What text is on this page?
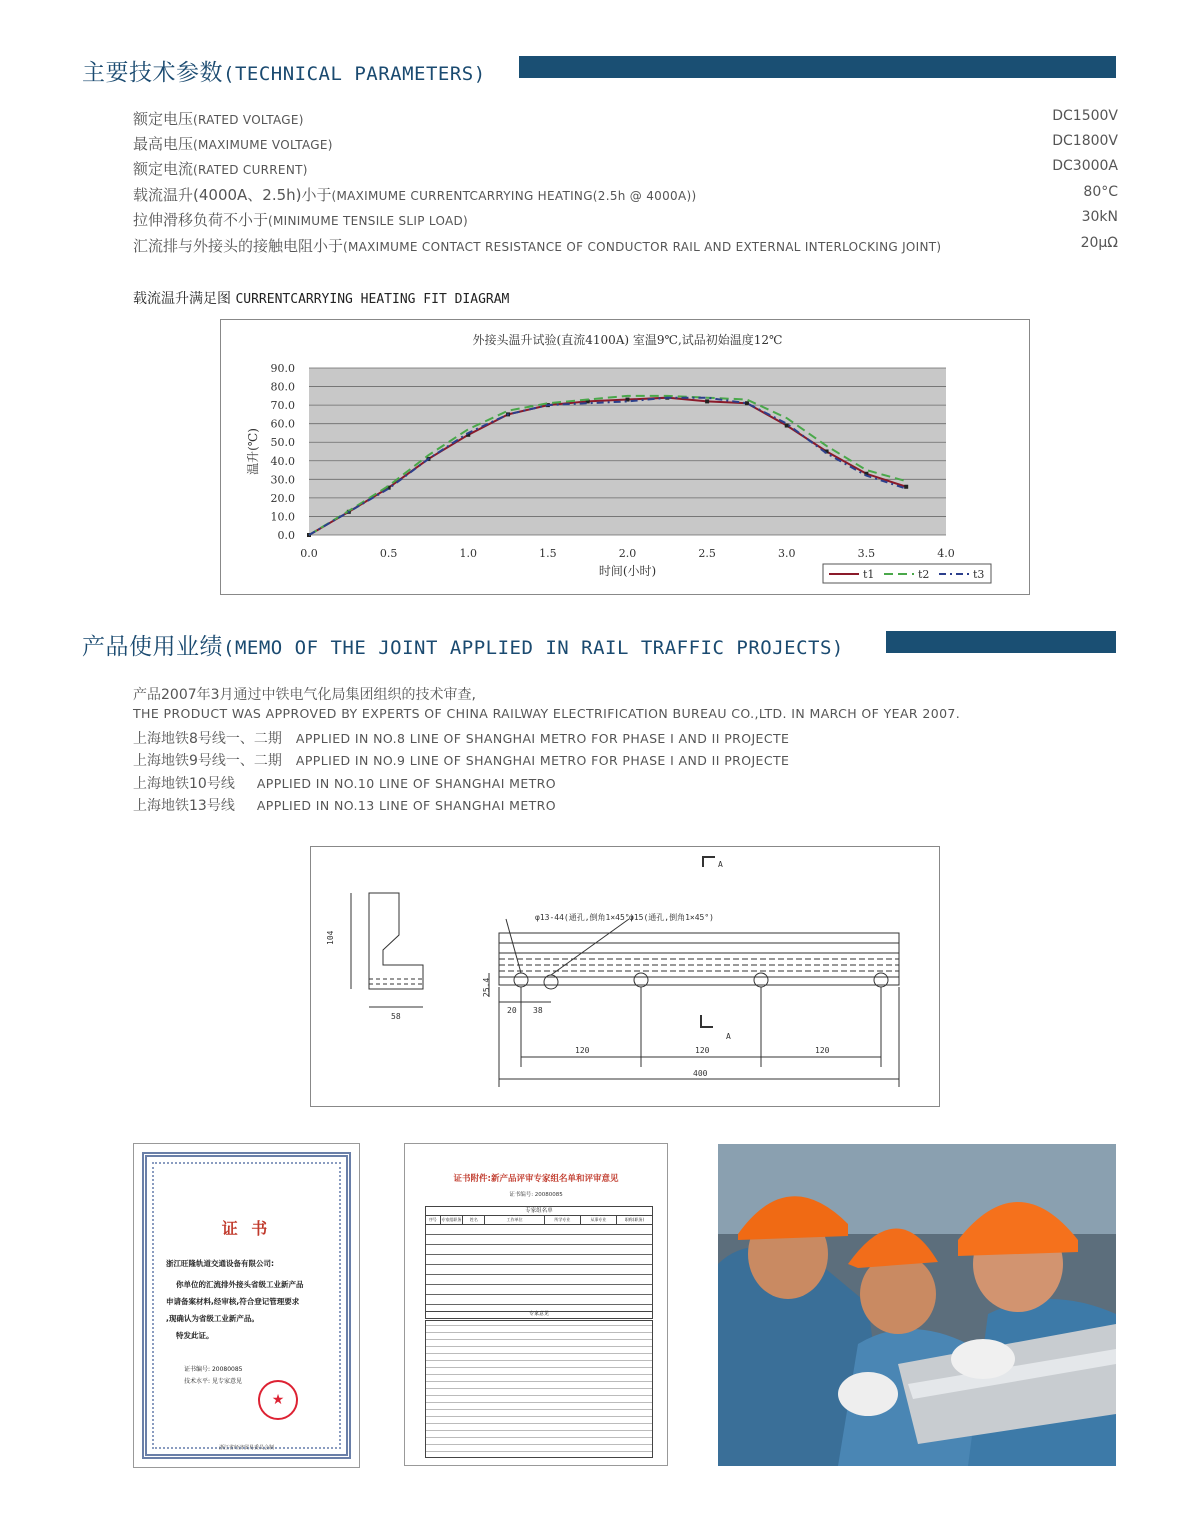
主要技术参数(TECHNICAL PARAMETERS)
额定电压(RATED VOLTAGE)	DC1500V
最高电压(MAXIMUME VOLTAGE)	DC1800V
额定电流(RATED CURRENT)	DC3000A
载流温升(4000A、2.5h)小于(MAXIMUME CURRENTCARRYING HEATING(2.5h @ 4000A))	80°C
拉伸滑移负荷不小于(MINIMUME TENSILE SLIP LOAD)	30kN
汇流排与外接头的接触电阻小于(MAXIMUME CONTACT RESISTANCE OF CONDUCTOR RAIL AND EXTERNAL INTERLOCKING JOINT)	20μΩ
载流温升满足图 CURRENTCARRYING HEATING FIT DIAGRAM
0.0
10.0
20.0
30.0
40.0
50.0
60.0
70.0
80.0
90.0
0.0	0.5	1.0	1.5	2.0	2.5	3.0	3.5	4.0
外接头温升试验(直流4100A) 室温9℃,试品初始温度12℃
时间(小时)
温升(℃)
t1	t2	t3
产品使用业绩(MEMO OF THE JOINT APPLIED IN RAIL TRAFFIC PROJECTS)
产品2007年3月通过中铁电气化局集团组织的技术审查,
THE PRODUCT WAS APPROVED BY EXPERTS OF CHINA RAILWAY ELECTRIFICATION BUREAU CO.,LTD. IN MARCH OF YEAR 2007.
上海地铁8号线一、二期 APPLIED IN NO.8 LINE OF SHANGHAI METRO FOR PHASE I AND II PROJECTE
上海地铁9号线一、二期 APPLIED IN NO.9 LINE OF SHANGHAI METRO FOR PHASE I AND II PROJECTE
上海地铁10号线 APPLIED IN NO.10 LINE OF SHANGHAI METRO
上海地铁13号线 APPLIED IN NO.13 LINE OF SHANGHAI METRO
104
58
25.4
20 38
φ13-44(通孔,倒角1×45°)
φ15(通孔,倒角1×45°)
120	120	120
400
A
A
证 书
浙江旺隆轨道交通设备有限公司:
你单位的汇流排外接头省级工业新产品
申请备案材料,经审核,符合登记管理要求
,现确认为省级工业新产品。
特发此证。
证书编号: 20080085
技术水平: 见专家意见
★
浙江省经济贸易委员会制
证书附件:新产品评审专家组名单和评审意见
证书编号: 20080085
专家组名单
序号	专家组职务	姓名	工作单位	所学专业	从事专业	职称(职务)
专家意见
